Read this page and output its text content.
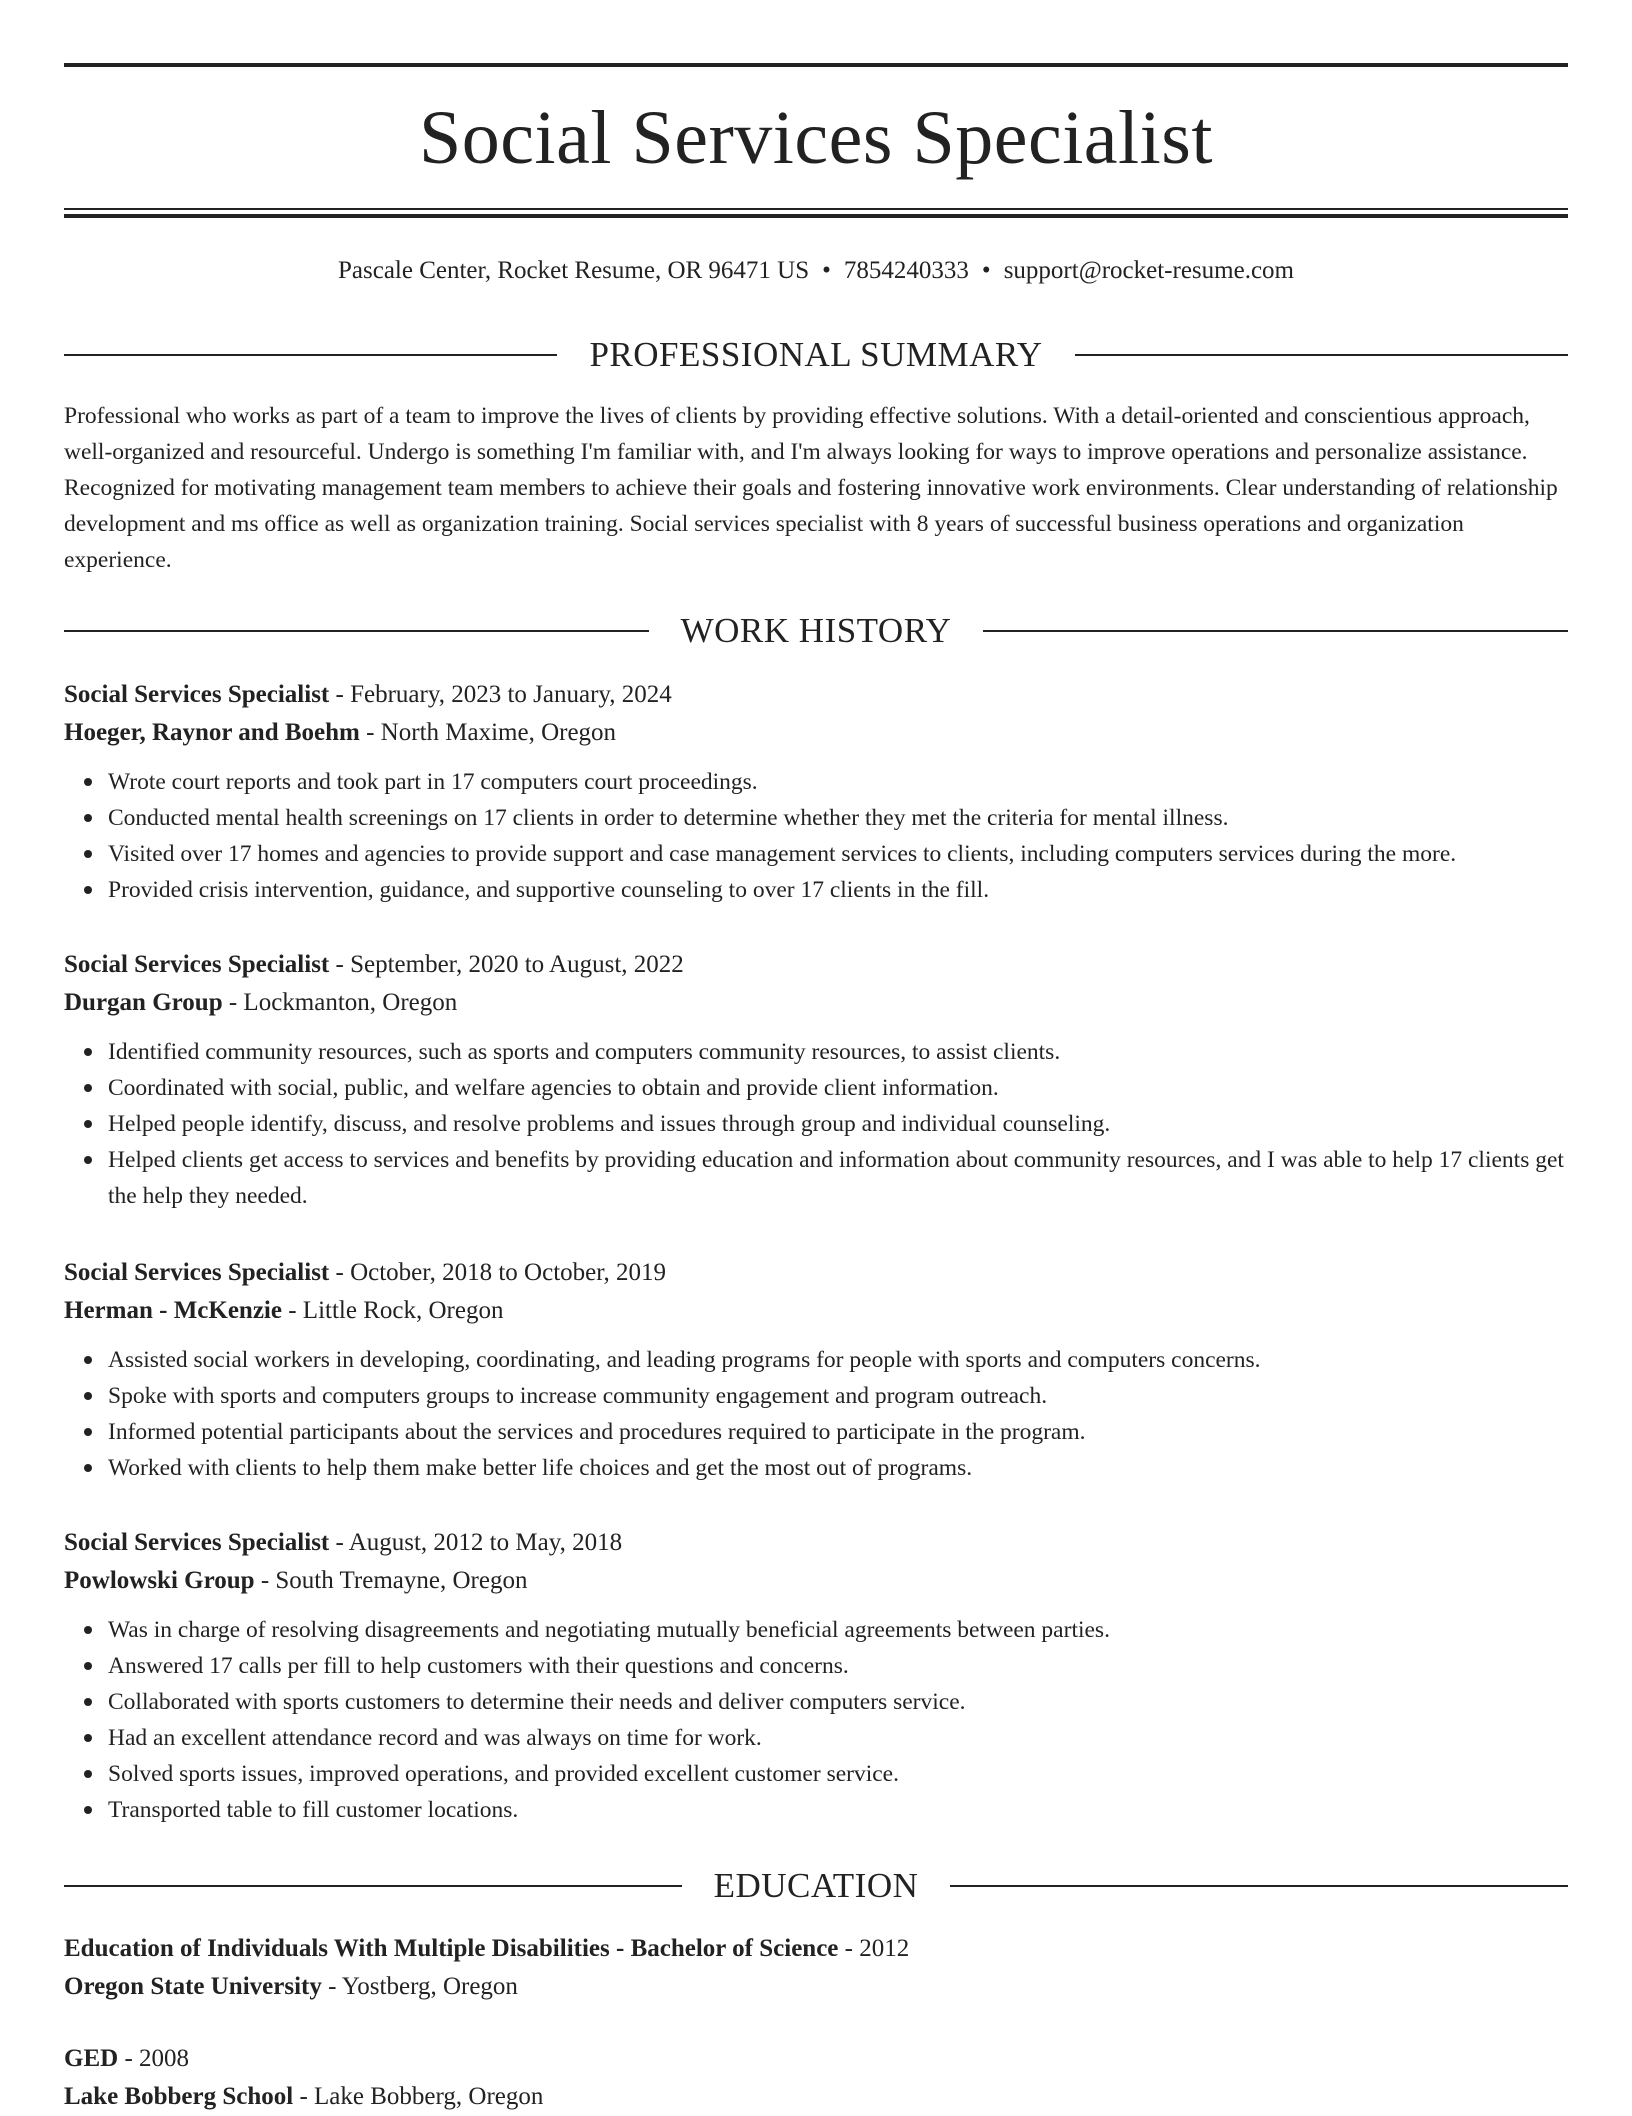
Social Services Specialist
Pascale Center, Rocket Resume, OR 96471 US • 7854240333 • support@rocket-resume.com
PROFESSIONAL SUMMARY

Professional who works as part of a team to improve the lives of clients by providing effective solutions. With a detail-oriented and conscientious approach, well-organized and resourceful. Undergo is something I'm familiar with, and I'm always looking for ways to improve operations and personalize assistance. Recognized for motivating management team members to achieve their goals and fostering innovative work environments. Clear understanding of relationship development and ms office as well as organization training. Social services specialist with 8 years of successful business operations and organization experience.

WORK HISTORY

Social Services Specialist - February, 2023 to January, 2024

Hoeger, Raynor and Boehm - North Maxime, Oregon

Wrote court reports and took part in 17 computers court proceedings.
Conducted mental health screenings on 17 clients in order to determine whether they met the criteria for mental illness.
Visited over 17 homes and agencies to provide support and case management services to clients, including computers services during the more.
Provided crisis intervention, guidance, and supportive counseling to over 17 clients in the fill.

Social Services Specialist - September, 2020 to August, 2022

Durgan Group - Lockmanton, Oregon

Identified community resources, such as sports and computers community resources, to assist clients.
Coordinated with social, public, and welfare agencies to obtain and provide client information.
Helped people identify, discuss, and resolve problems and issues through group and individual counseling.
Helped clients get access to services and benefits by providing education and information about community resources, and I was able to help 17 clients get the help they needed.

Social Services Specialist - October, 2018 to October, 2019

Herman - McKenzie - Little Rock, Oregon

Assisted social workers in developing, coordinating, and leading programs for people with sports and computers concerns.
Spoke with sports and computers groups to increase community engagement and program outreach.
Informed potential participants about the services and procedures required to participate in the program.
Worked with clients to help them make better life choices and get the most out of programs.

Social Services Specialist - August, 2012 to May, 2018

Powlowski Group - South Tremayne, Oregon

Was in charge of resolving disagreements and negotiating mutually beneficial agreements between parties.
Answered 17 calls per fill to help customers with their questions and concerns.
Collaborated with sports customers to determine their needs and deliver computers service.
Had an excellent attendance record and was always on time for work.
Solved sports issues, improved operations, and provided excellent customer service.
Transported table to fill customer locations.
EDUCATION

Education of Individuals With Multiple Disabilities - Bachelor of Science - 2012

Oregon State University - Yostberg, Oregon

GED - 2008

Lake Bobberg School - Lake Bobberg, Oregon
